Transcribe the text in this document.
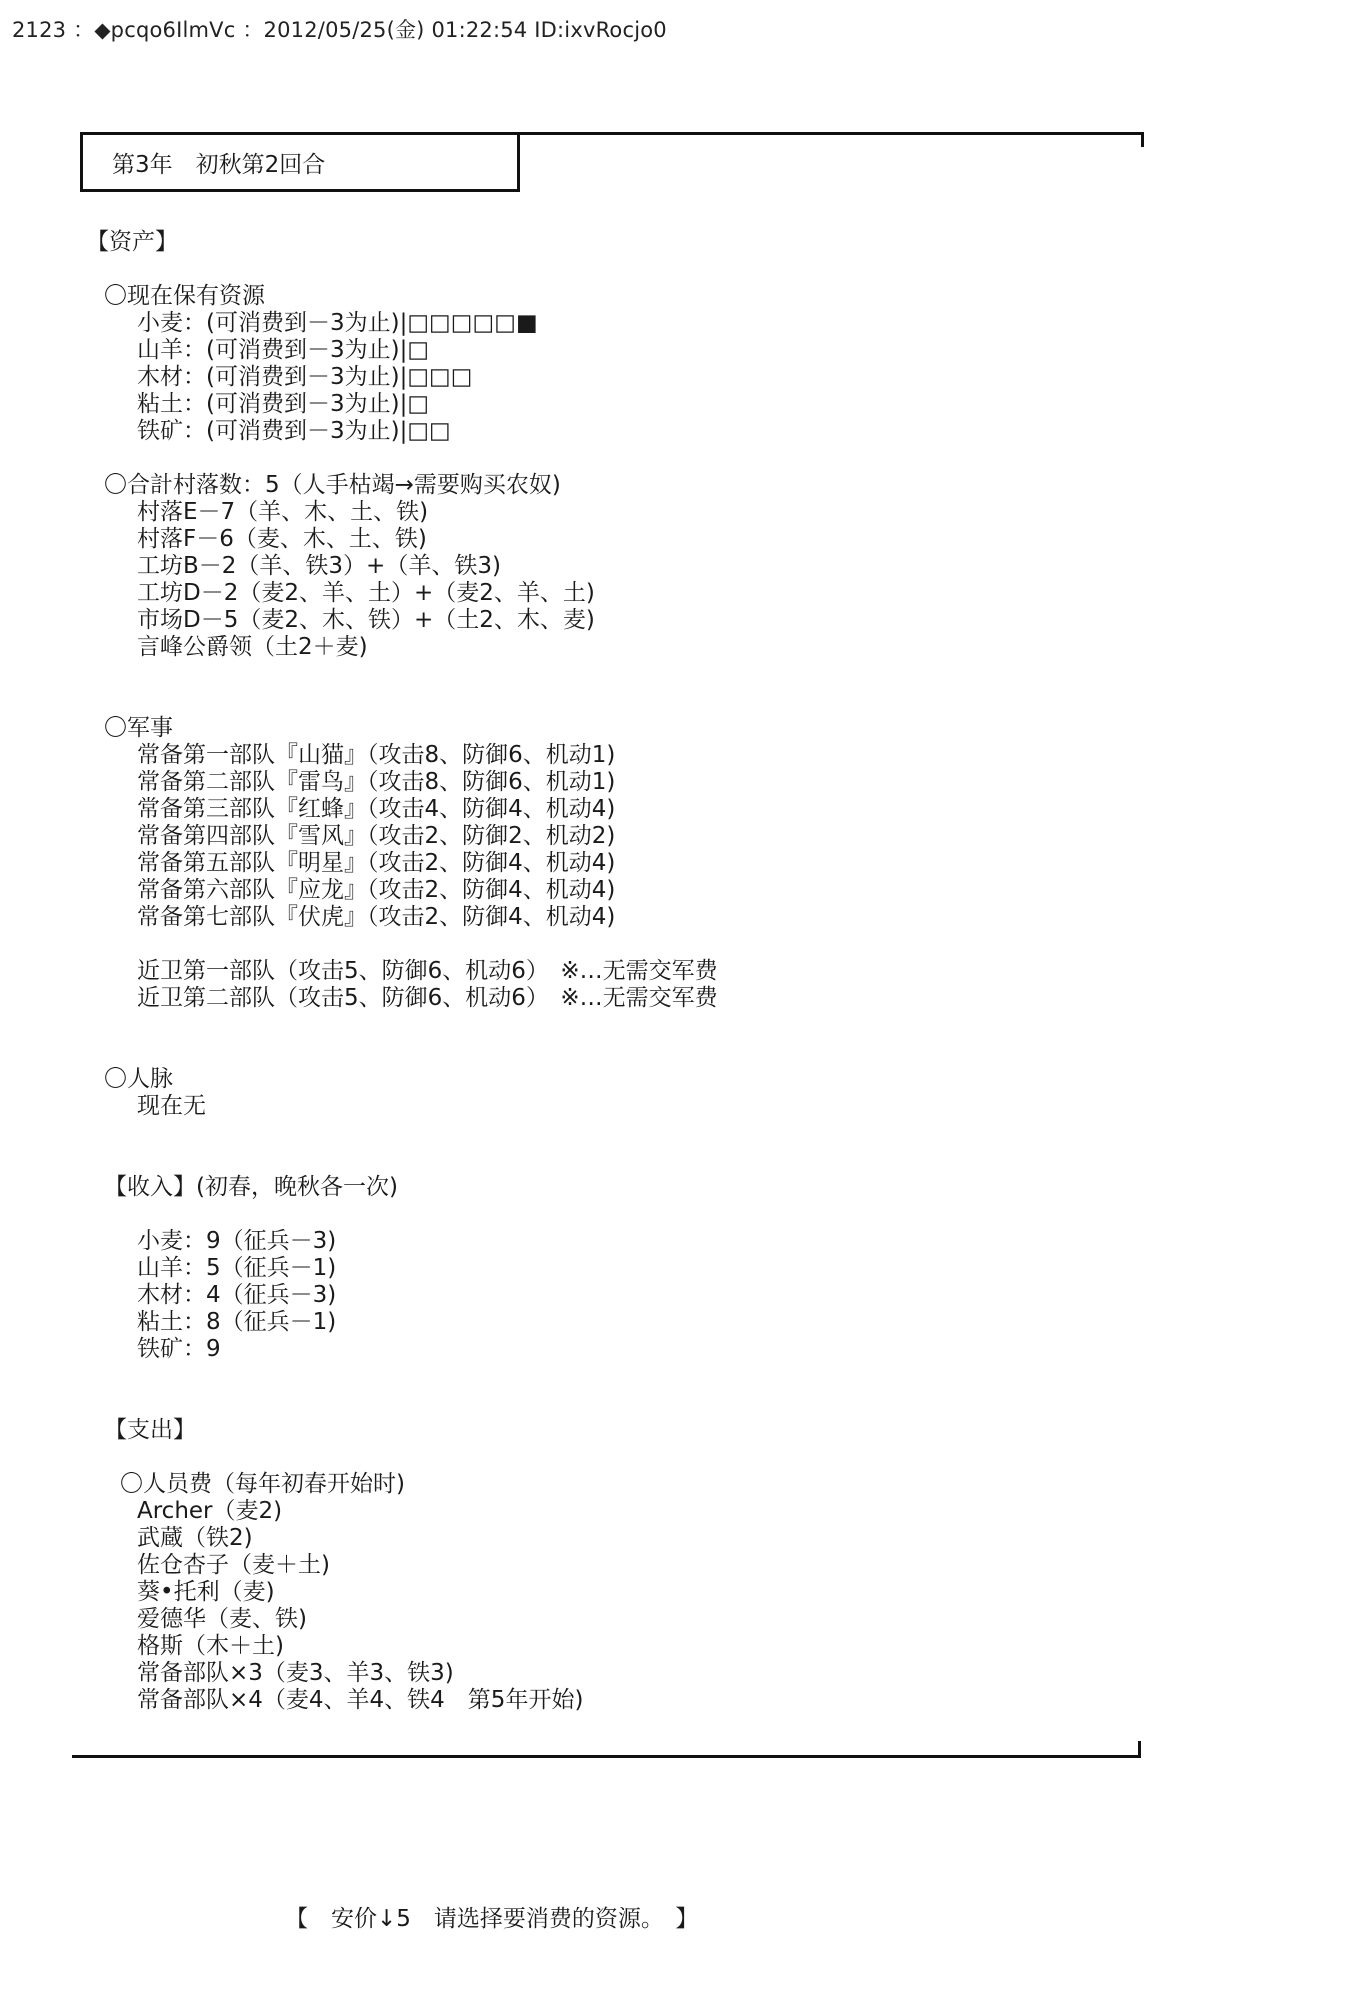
2123 ：◆pcqo6IlmVc ：2012/05/25(金) 01:22:54 ID:ixvRocjo0
第3年　初秋第2回合
【资产】
〇现在保有资源
小麦：(可消费到－3为止)|□□□□□■
山羊：(可消费到－3为止)|□
木材：(可消费到－3为止)|□□□
粘土：(可消费到－3为止)|□
铁矿：(可消费到－3为止)|□□
〇合計村落数：5（人手枯竭→需要购买农奴)
村落E－7（羊、木、土、铁)
村落F－6（麦、木、土、铁)
工坊B－2（羊、铁3）+（羊、铁3)
工坊D－2（麦2、羊、土）+（麦2、羊、土)
市场D－5（麦2、木、铁）+（土2、木、麦)
言峰公爵领（土2＋麦)
〇军事
常备第一部队『山猫』（攻击8、防御6、机动1)
常备第二部队『雷鸟』（攻击8、防御6、机动1)
常备第三部队『红蜂』（攻击4、防御4、机动4)
常备第四部队『雪风』（攻击2、防御2、机动2)
常备第五部队『明星』（攻击2、防御4、机动4)
常备第六部队『应龙』（攻击2、防御4、机动4)
常备第七部队『伏虎』（攻击2、防御4、机动4)
近卫第一部队（攻击5、防御6、机动6）　※…无需交军费
近卫第二部队（攻击5、防御6、机动6）　※…无需交军费
〇人脉
现在无
【收入】(初春，晚秋各一次)
小麦：9（征兵－3)
山羊：5（征兵－1)
木材：4（征兵－3)
粘土：8（征兵－1)
铁矿：9
【支出】
〇人员费（每年初春开始时)
Archer（麦2)
武蔵（铁2)
佐仓杏子（麦＋土)
葵•托利（麦)
爱德华（麦、铁)
格斯（木＋土)
常备部队×3（麦3、羊3、铁3)
常备部队×4（麦4、羊4、铁4　第5年开始)
【　安价↓5　请选择要消费的资源。　】
